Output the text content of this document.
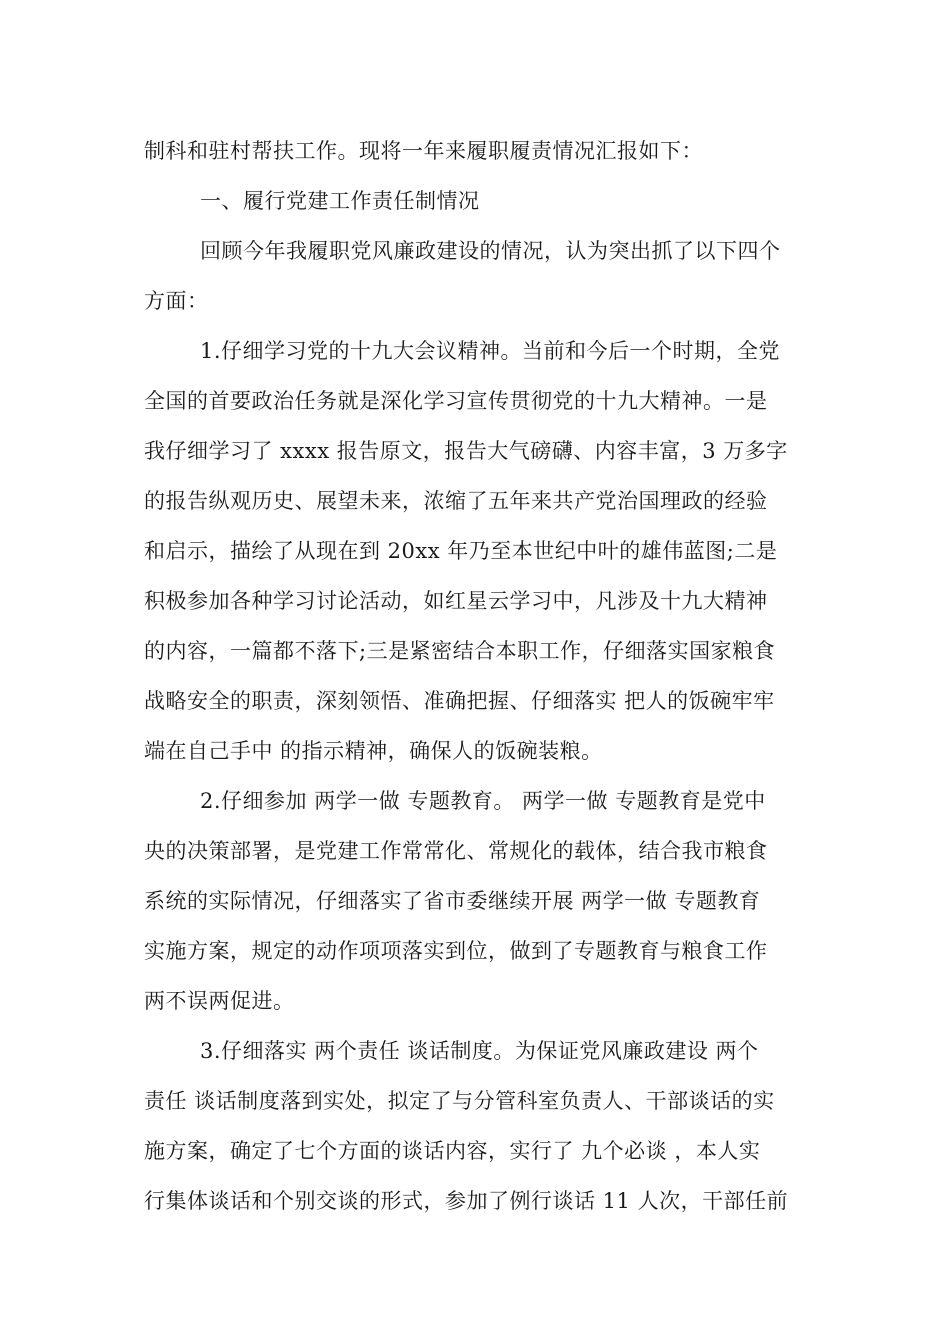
制科和驻村帮扶工作。现将一年来履职履责情况汇报如下：
一、履行党建工作责任制情况
回顾今年我履职党风廉政建设的情况，认为突出抓了以下四个
方面：
1.仔细学习党的十九大会议精神。当前和今后一个时期，全党
全国的首要政治任务就是深化学习宣传贯彻党的十九大精神。一是
我仔细学习了 xxxx 报告原文，报告大气磅礴、内容丰富，3 万多字
的报告纵观历史、展望未来，浓缩了五年来共产党治国理政的经验
和启示，描绘了从现在到 20xx 年乃至本世纪中叶的雄伟蓝图;二是
积极参加各种学习讨论活动，如红星云学习中，凡涉及十九大精神
的内容，一篇都不落下;三是紧密结合本职工作，仔细落实国家粮食
战略安全的职责，深刻领悟、准确把握、仔细落实 把人的饭碗牢牢
端在自己手中 的指示精神，确保人的饭碗装粮。
2.仔细参加 两学一做 专题教育。 两学一做 专题教育是党中
央的决策部署，是党建工作常常化、常规化的载体，结合我市粮食
系统的实际情况，仔细落实了省市委继续开展 两学一做 专题教育
实施方案，规定的动作项项落实到位，做到了专题教育与粮食工作
两不误两促进。
3.仔细落实 两个责任 谈话制度。为保证党风廉政建设 两个
责任 谈话制度落到实处，拟定了与分管科室负责人、干部谈话的实
施方案，确定了七个方面的谈话内容，实行了 九个必谈 ，本人实
行集体谈话和个别交谈的形式，参加了例行谈话 11 人次，干部任前
